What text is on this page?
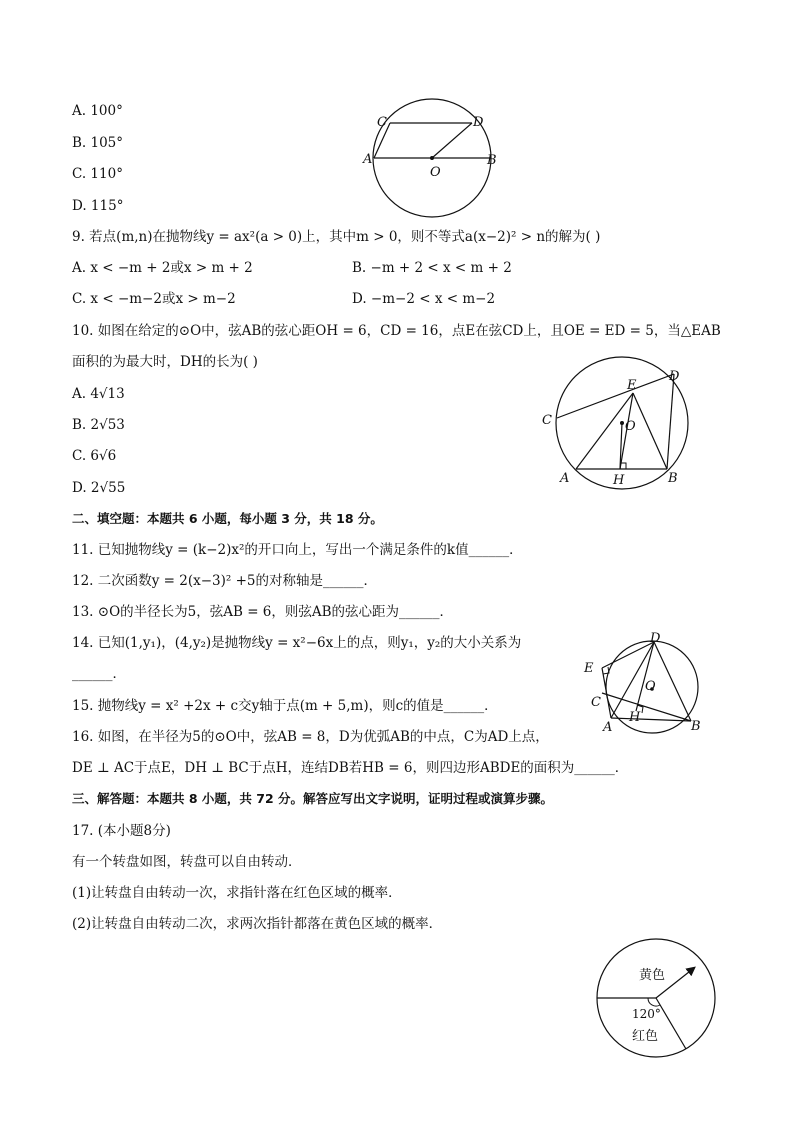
A. 100°
B. 105°
C. 110°
D. 115°
C	D
A	B
O
9. 若点(m,n)在抛物线y = ax²(a > 0)上，其中m > 0，则不等式a(x−2)² > n的解为( )
A. x < −m + 2或x > m + 2	B. −m + 2 < x < m + 2
C. x < −m−2或x > m−2	D. −m−2 < x < m−2
10. 如图在给定的⊙O中，弦AB的弦心距OH = 6，CD = 16，点E在弦CD上，且OE = ED = 5，当△EAB
面积的为最大时，DH的长为( )
A. 4√13
B. 2√53
C. 6√6
D. 2√55
E
D
C	O
A	H	B
二、填空题：本题共 6 小题，每小题 3 分，共 18 分。
11. 已知抛物线y = (k−2)x²的开口向上，写出一个满足条件的k值______．
12. 二次函数y = 2(x−3)² +5的对称轴是______．
13. ⊙O的半径长为5，弦AB = 6，则弦AB的弦心距为______．
14. 已知(1,y₁)，(4,y₂)是抛物线y = x²−6x上的点，则y₁，y₂的大小关系为
______．
15. 抛物线y = x² +2x + c交y轴于点(m + 5,m)，则c的值是______．
16. 如图，在半径为5的⊙O中，弦AB = 8，D为优弧AB的中点，C为AD上点，
DE ⊥ AC于点E，DH ⊥ BC于点H，连结DB若HB = 6，则四边形ABDE的面积为______．
D
E
C
O
H
A	B
三、解答题：本题共 8 小题，共 72 分。解答应写出文字说明，证明过程或演算步骤。
17. (本小题8分)
有一个转盘如图，转盘可以自由转动．
(1)让转盘自由转动一次，求指针落在红色区域的概率．
(2)让转盘自由转动二次，求两次指针都落在黄色区域的概率．
黄色
120°
红色
